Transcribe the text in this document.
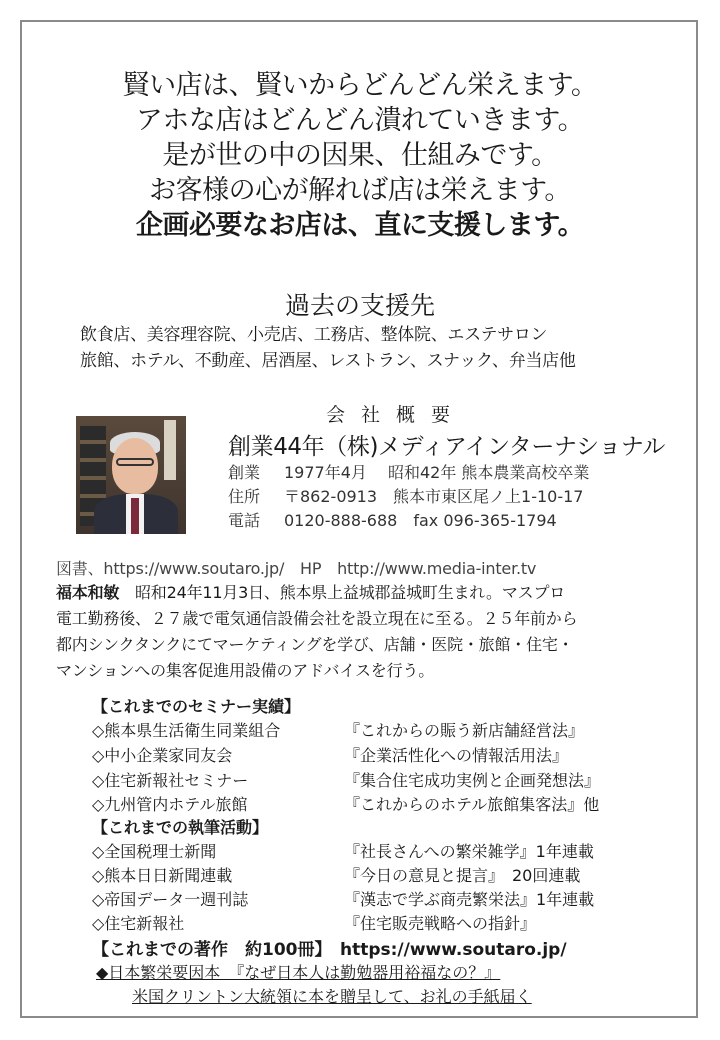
賢い店は、賢いからどんどん栄えます。
アホな店はどんどん潰れていきます。
是が世の中の因果、仕組みです。
お客様の心が解れば店は栄えます。
企画必要なお店は、直に支援します。
過去の支援先
飲食店、美容理容院、小売店、工務店、整体院、エステサロン
旅館、ホテル、不動産、居酒屋、レストラン、スナック、弁当店他
会社概要
創業44年（株)メディアインターナショナル
創業 1977年4月　 昭和42年 熊本農業高校卒業
住所 〒862-0913　熊本市東区尾ノ上1-10-17
電話 0120-888-688　fax 096-365-1794
図書、https://www.soutaro.jp/　HP　http://www.media-inter.tv
福本和敏　昭和24年11月3日、熊本県上益城郡益城町生まれ。マスプロ
電工勤務後、２７歳で電気通信設備会社を設立現在に至る。２５年前から
都内シンクタンクにてマーケティングを学び、店舗・医院・旅館・住宅・
マンションへの集客促進用設備のアドバイスを行う。
【これまでのセミナー実績】
◇熊本県生活衛生同業組合	『これからの賑う新店舗経営法』
◇中小企業家同友会	『企業活性化への情報活用法』
◇住宅新報社セミナー	『集合住宅成功実例と企画発想法』
◇九州管内ホテル旅館	『これからのホテル旅館集客法』他
【これまでの執筆活動】
◇全国税理士新聞	『社長さんへの繁栄雑学』1年連載
◇熊本日日新聞連載	『今日の意見と提言』　20回連載
◇帝国データ一週刊誌	『漢志で学ぶ商売繁栄法』1年連載
◇住宅新報社	『住宅販売戦略への指針』
【これまでの著作　約100冊】　https://www.soutaro.jp/
◆日本繁栄要因本　『なぜ日本人は勤勉器用裕福なの？』
米国クリントン大統領に本を贈呈して、お礼の手紙届く
